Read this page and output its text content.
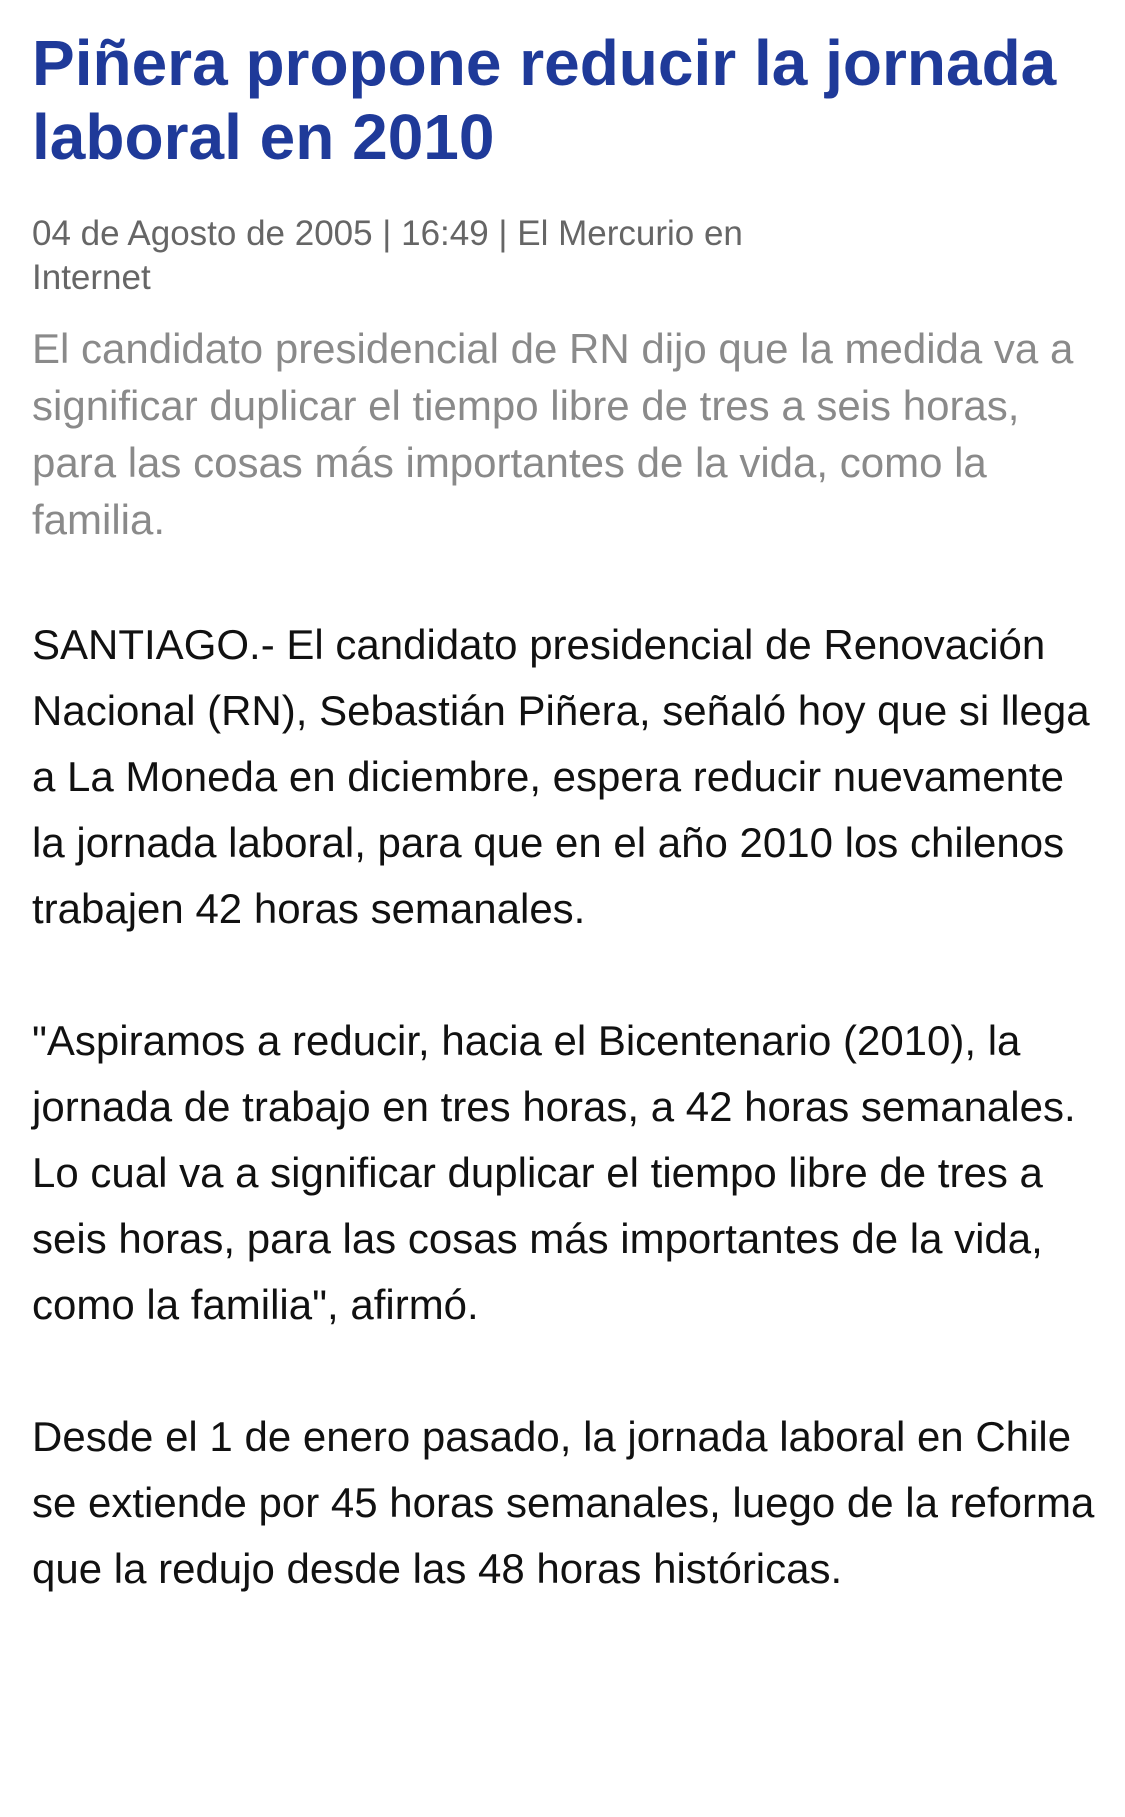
Piñera propone reducir la jornada laboral en 2010
04 de Agosto de 2005 | 16:49 | El Mercurio en Internet

El candidato presidencial de RN dijo que la medida va a significar duplicar el tiempo libre de tres a seis horas, para las cosas más importantes de la vida, como la familia.

SANTIAGO.- El candidato presidencial de Renovación Nacional (RN), Sebastián Piñera, señaló hoy que si llega a La Moneda en diciembre, espera reducir nuevamente la jornada laboral, para que en el año 2010 los chilenos trabajen 42 horas semanales.

"Aspiramos a reducir, hacia el Bicentenario (2010), la jornada de trabajo en tres horas, a 42 horas semanales. Lo cual va a significar duplicar el tiempo libre de tres a seis horas, para las cosas más importantes de la vida, como la familia", afirmó.

Desde el 1 de enero pasado, la jornada laboral en Chile se extiende por 45 horas semanales, luego de la reforma que la redujo desde las 48 horas históricas.
